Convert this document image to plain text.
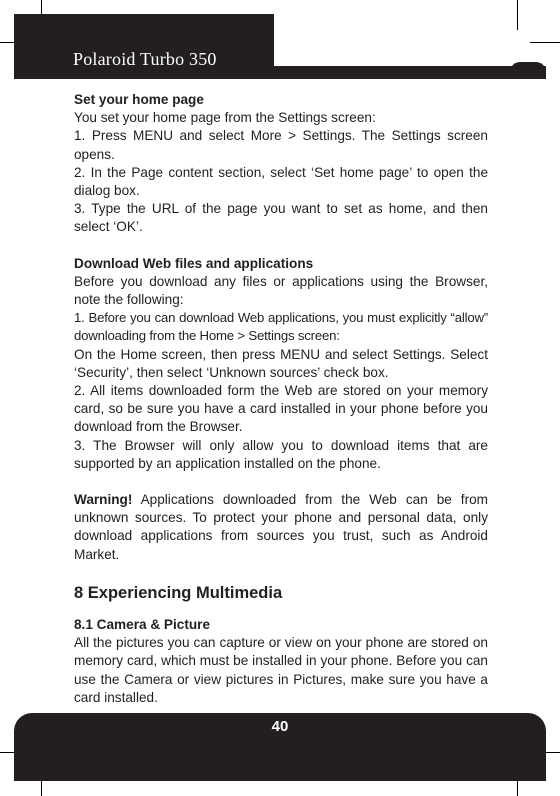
Polaroid Turbo 350

Set your home page

You set your home page from the Settings screen:

1. Press MENU and select More > Settings. The Settings screen opens.

2. In the Page content section, select ‘Set home page’ to open the dialog box.

3. Type the URL of the page you want to set as home, and then select ‘OK’.

Download Web files and applications

Before you download any files or applications using the Browser, note the following:

1. Before you can download Web applications, you must explicitly “allow” downloading from the Home > Settings screen:

On the Home screen, then press MENU and select Settings. Select ‘Security’, then select ‘Unknown sources’ check box.

2. All items downloaded form the Web are stored on your memory card, so be sure you have a card installed in your phone before you download from the Browser.

3. The Browser will only allow you to download items that are supported by an application installed on the phone.

Warning! Applications downloaded from the Web can be from unknown sources. To protect your phone and personal data, only download applications from sources you trust, such as Android Market.

8 Experiencing Multimedia

8.1 Camera & Picture

All the pictures you can capture or view on your phone are stored on memory card, which must be installed in your phone. Before you can use the Camera or view pictures in Pictures, make sure you have a card installed.

40
